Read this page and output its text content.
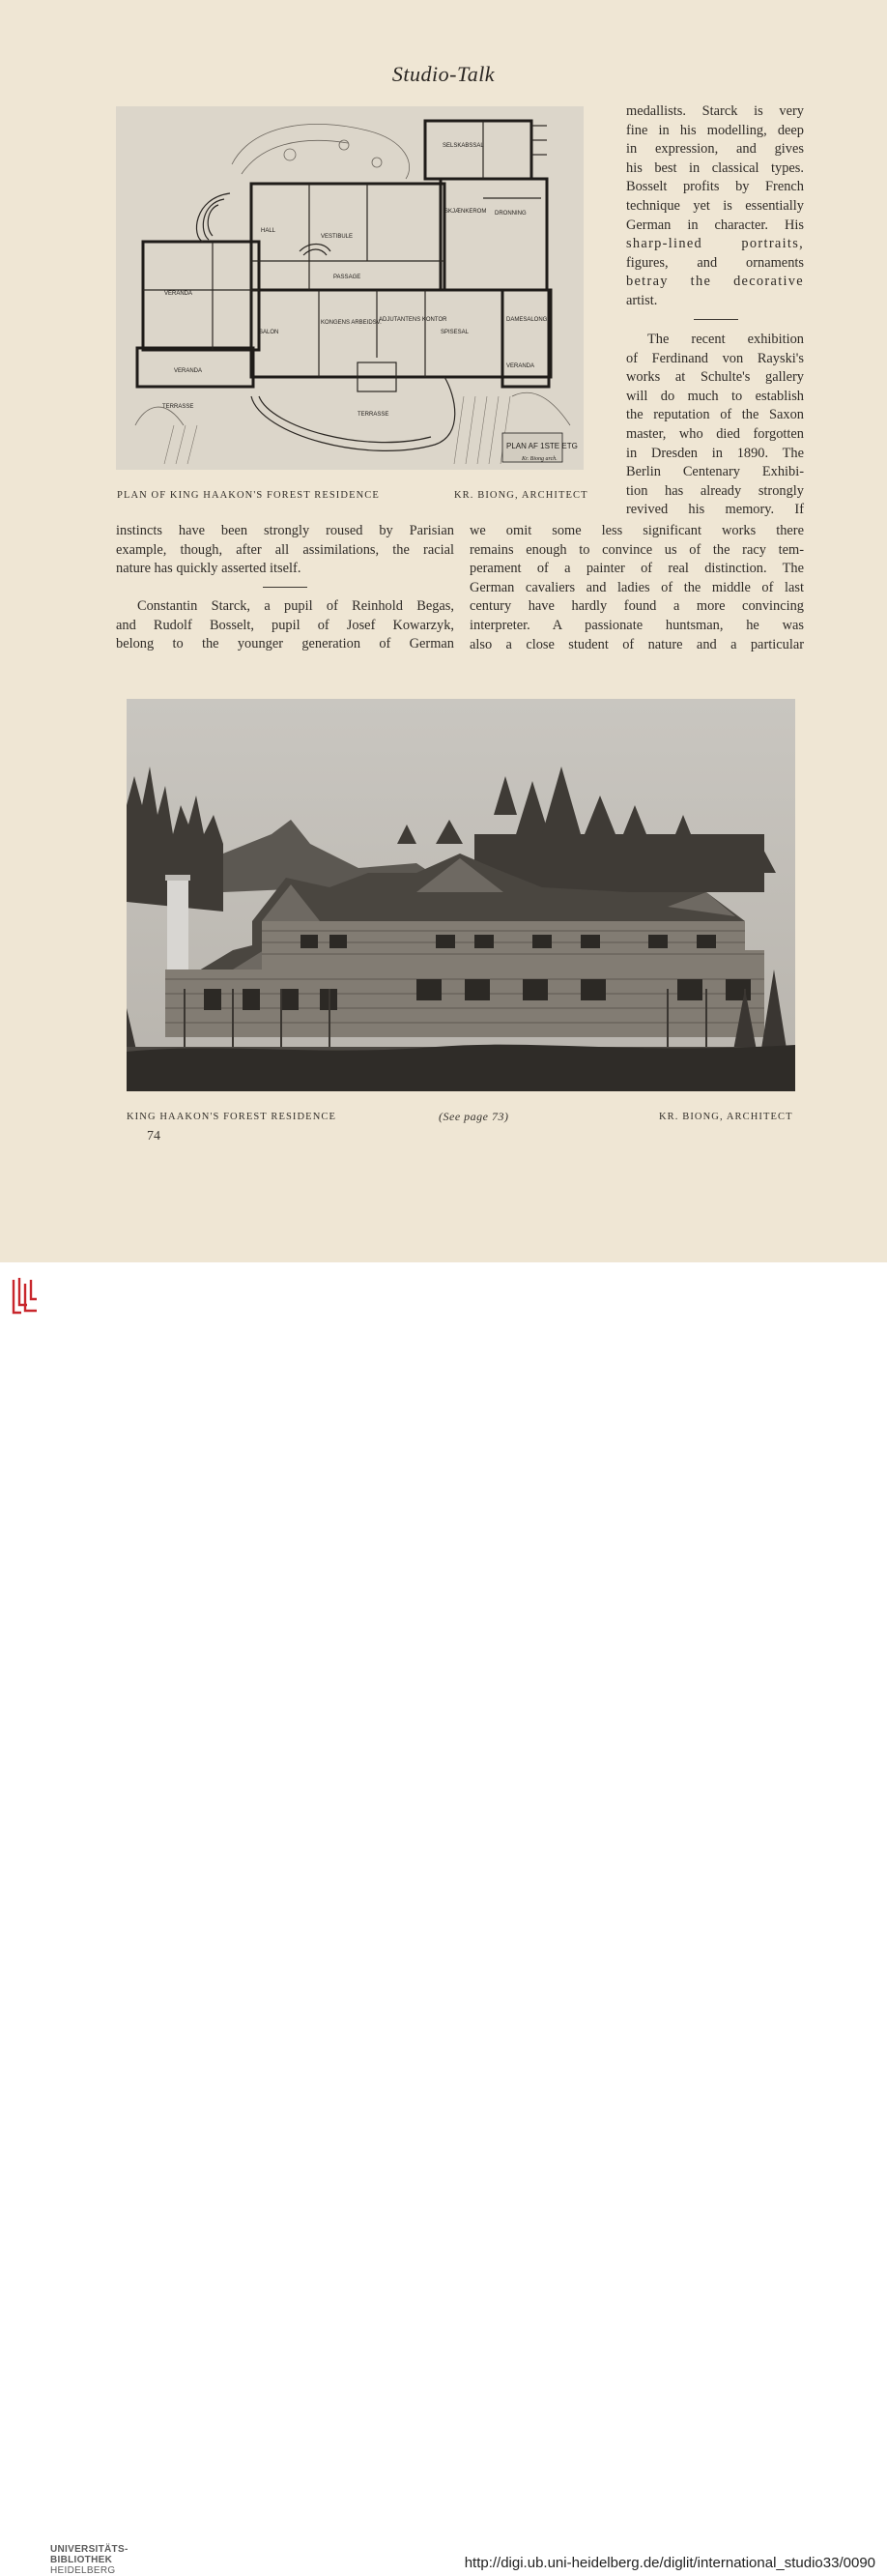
Studio-Talk
VERANDA
HALL
SALON	SPISESAL
PASSAGE
KONGENS ARBEIDSV.
ADJUTANTENS KONTOR
SELSKABSSAL
DAMESALONG
VERANDA
VERANDA
TERRASSE
TERRASSE
DRONNING
SKJÆNKEROM
VESTIBULE
PLAN AF 1STE ETG
Kr. Biong arch.
PLAN OF KING HAAKON'S FOREST RESIDENCE	KR. BIONG, ARCHITECT

medallists. Starck is very

fine in his modelling, deep

in expression, and gives

his best in classical types.

Bosselt profits by French

technique yet is essentially

German in character. His

sharp-lined portraits,

figures, and ornaments

betray the decorative

artist.

The recent exhibition

of Ferdinand von Rayski's

works at Schulte's gallery

will do much to establish

the reputation of the Saxon

master, who died forgotten

in Dresden in 1890. The

Berlin Centenary Exhibi-

tion has already strongly

revived his memory. If

instincts have been strongly roused by Parisian

example, though, after all assimilations, the racial

nature has quickly asserted itself.

Constantin Starck, a pupil of Reinhold Begas,

and Rudolf Bosselt, pupil of Josef Kowarzyk,

belong to the younger generation of German

we omit some less significant works there

remains enough to convince us of the racy tem-

perament of a painter of real distinction. The

German cavaliers and ladies of the middle of last

century have hardly found a more convincing

interpreter. A passionate huntsman, he was

also a close student of nature and a particular

KING HAAKON'S FOREST RESIDENCE	(See page 73)	KR. BIONG, ARCHITECT
74
UNIVERSITÄTS-
BIBLIOTHEK
HEIDELBERG	http://digi.ub.uni-heidelberg.de/diglit/international_studio33/0090
